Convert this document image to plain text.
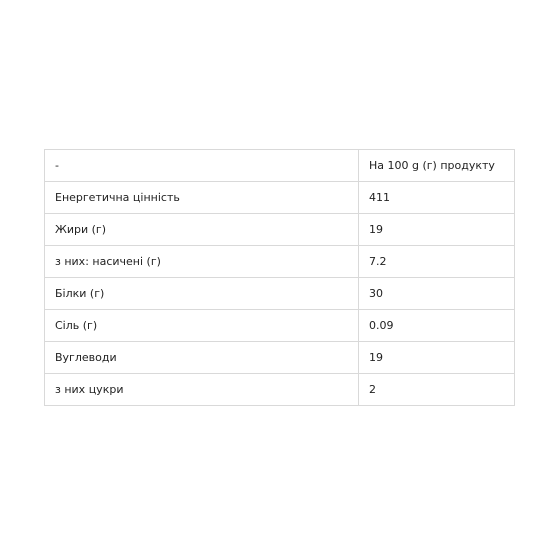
-	На 100 g (г) продукту
Енергетична цінність	411
Жири (г)	19
з них: насичені (г)	7.2
Білки (г)	30
Сіль (г)	0.09
Вуглеводи	19
з них цукри	2
